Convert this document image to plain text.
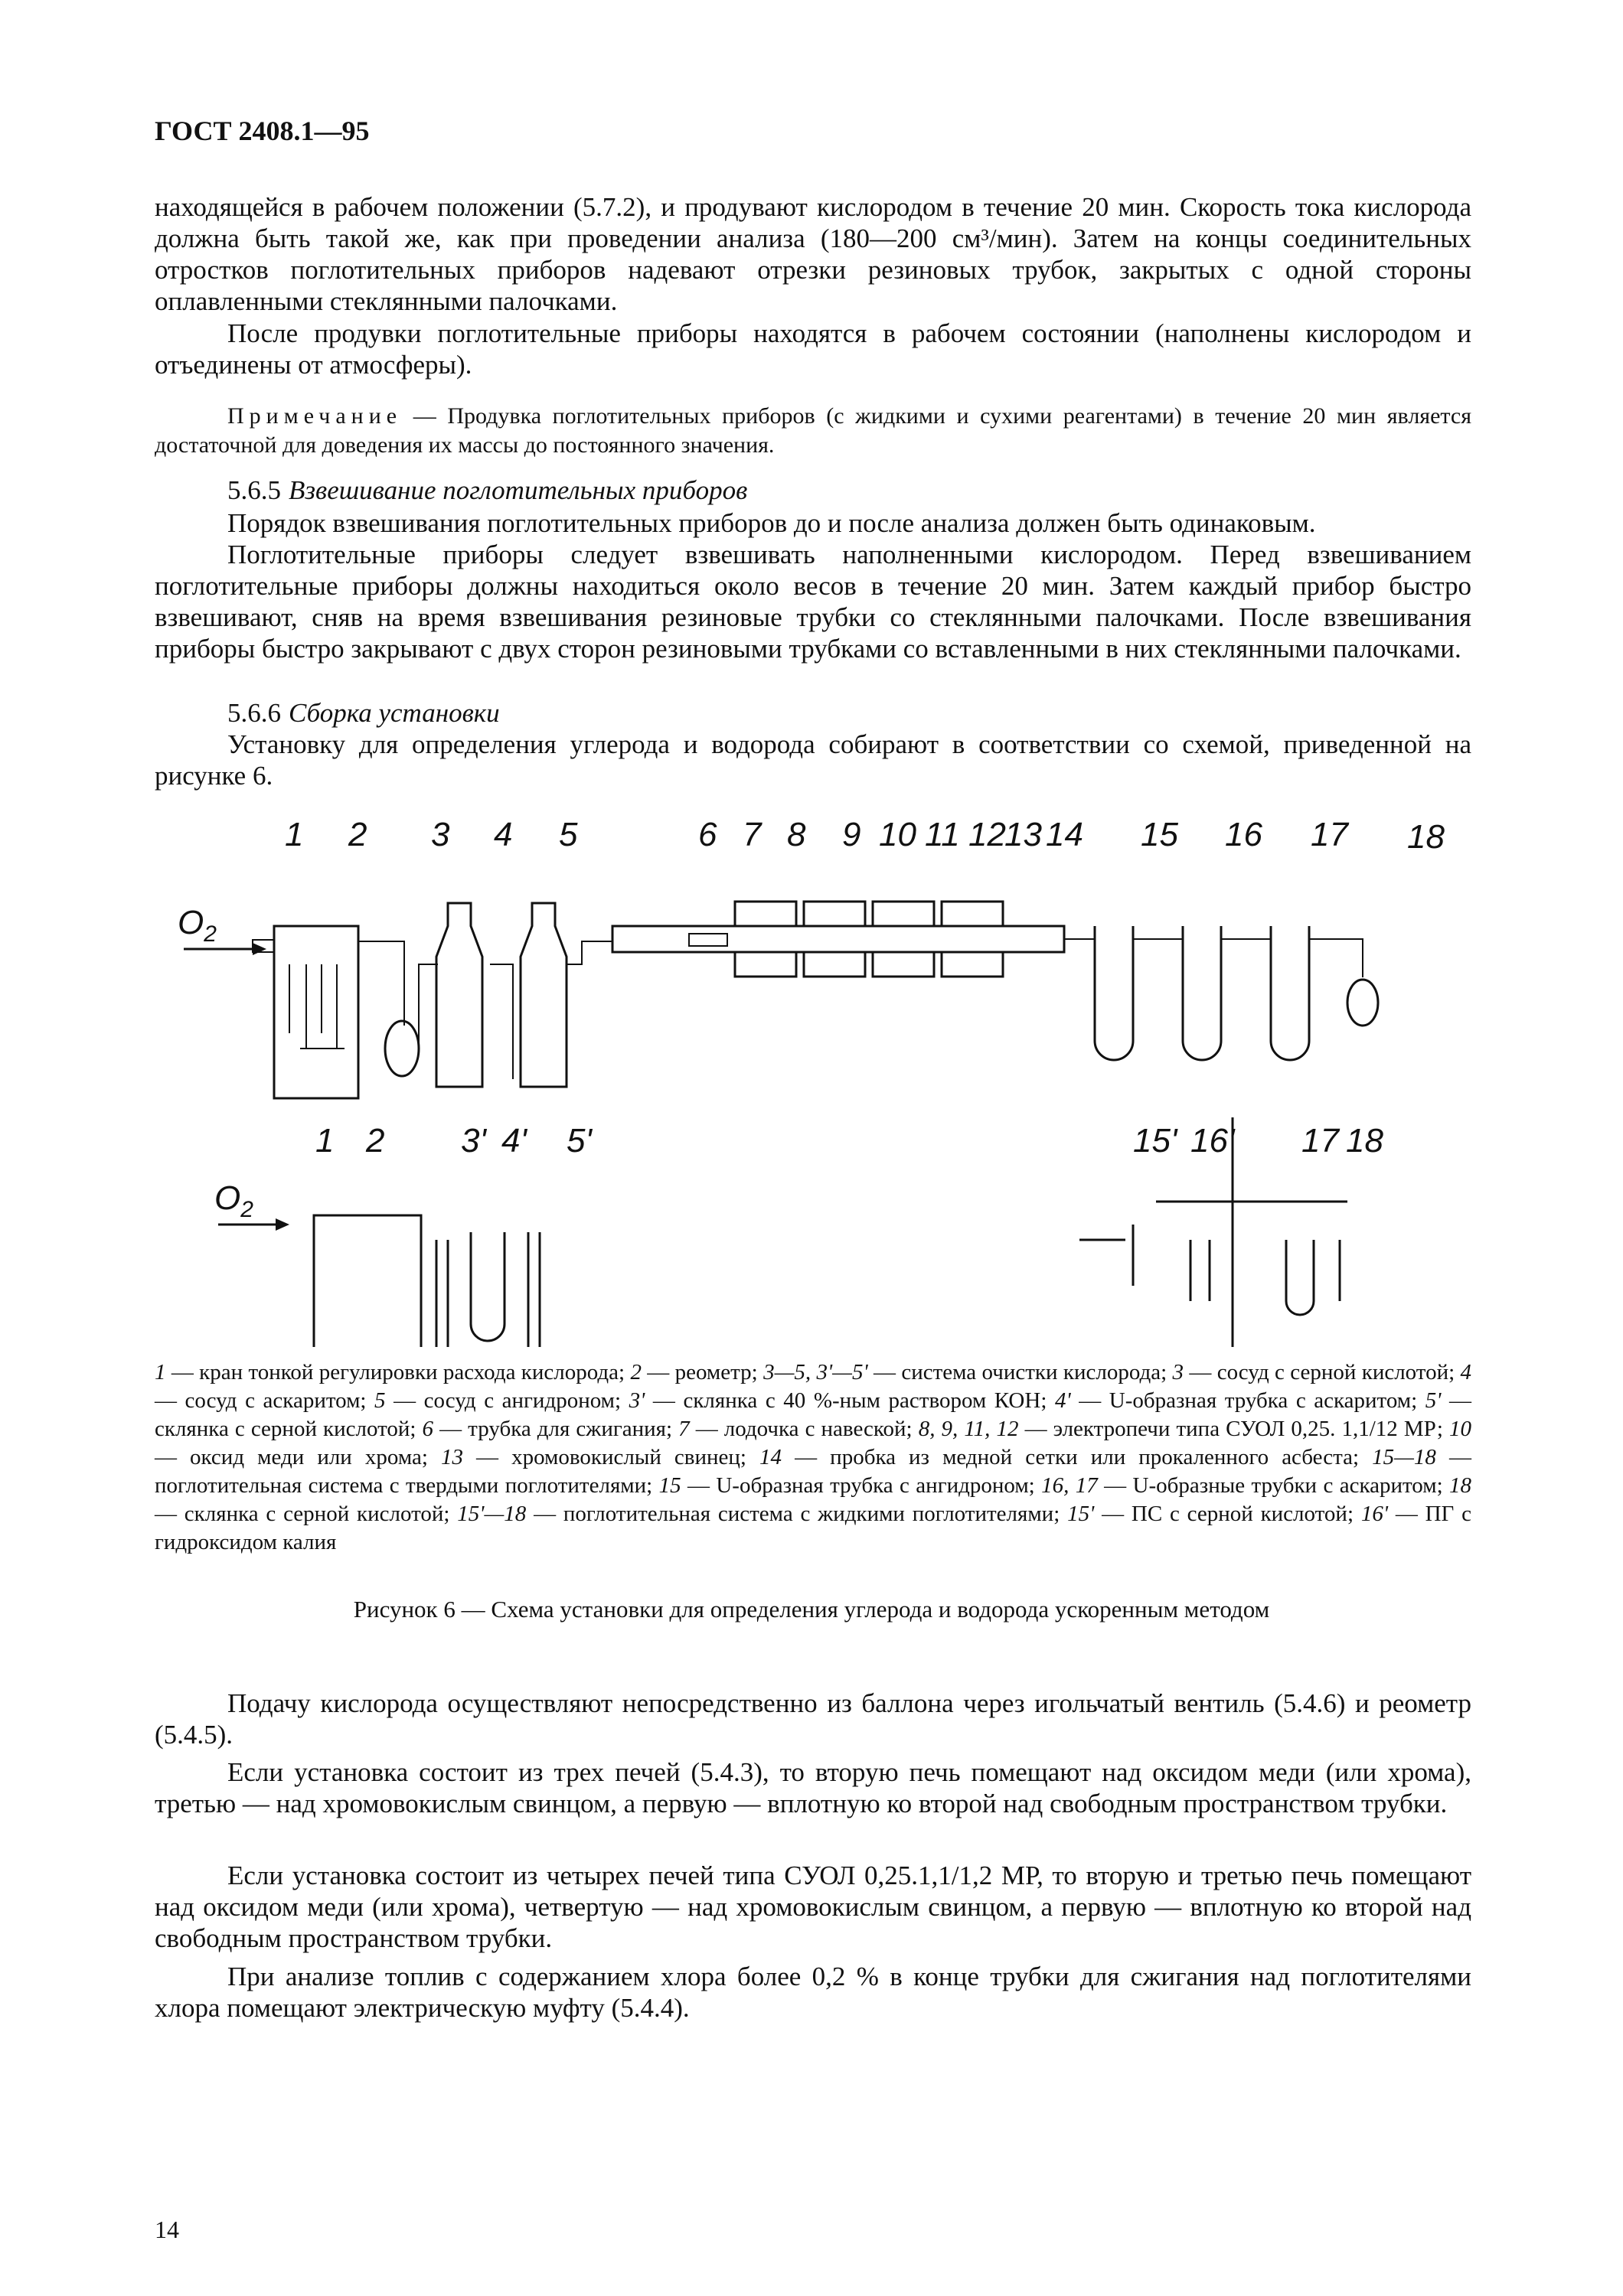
ГОСТ 2408.1—95
находящейся в рабочем положении (5.7.2), и продувают кислородом в течение 20 мин. Скорость тока кислорода должна быть такой же, как при проведении анализа (180—200 см³/мин). Затем на концы соединительных отростков поглотительных приборов надевают отрезки резиновых трубок, закрытых с одной стороны оплавленными стеклянными палочками.
После продувки поглотительные приборы находятся в рабочем состоянии (наполнены кислородом и отъединены от атмосферы).
Примечание — Продувка поглотительных приборов (с жидкими и сухими реагентами) в течение 20 мин является достаточной для доведения их массы до постоянного значения.
5.6.5 Взвешивание поглотительных приборов
Порядок взвешивания поглотительных приборов до и после анализа должен быть одинаковым.
Поглотительные приборы следует взвешивать наполненными кислородом. Перед взвешиванием поглотительные приборы должны находиться около весов в течение 20 мин. Затем каждый прибор быстро взвешивают, сняв на время взвешивания резиновые трубки со стеклянными палочками. После взвешивания приборы быстро закрывают с двух сторон резиновыми трубками со вставленными в них стеклянными палочками.
5.6.6 Сборка установки
Установку для определения углерода и водорода собирают в соответствии со схемой, приведенной на рисунке 6.
1 2 3 4 5	6 7 8 9 10 11 12
13 14 15 16 17 18
$O_2$
1 2 3' 4' 5'
$O_2$
15' 16' 17 18
1 — кран тонкой регулировки расхода кислорода; 2 — реометр; 3—5, 3'—5' — система очистки кислорода; 3 — сосуд с серной кислотой; 4 — сосуд с аскаритом; 5 — сосуд с ангидроном; 3' — склянка с 40 %-ным раствором КОН; 4' — U-образная трубка с аскаритом; 5' — склянка с серной кислотой; 6 — трубка для сжигания; 7 — лодочка с навеской; 8, 9, 11, 12 — электропечи типа СУОЛ 0,25. 1,1/12 МР; 10 — оксид меди или хрома; 13 — хромовокислый свинец; 14 — пробка из медной сетки или прокаленного асбеста; 15—18 — поглотительная система с твердыми поглотителями; 15 — U-образная трубка с ангидроном; 16, 17 — U-образные трубки с аскаритом; 18 — склянка с серной кислотой; 15'—18 — поглотительная система с жидкими поглотителями; 15' — ПС с серной кислотой; 16' — ПГ с гидроксидом калия
Рисунок 6 — Схема установки для определения углерода и водорода ускоренным методом
Подачу кислорода осуществляют непосредственно из баллона через игольчатый вентиль (5.4.6) и реометр (5.4.5).
Если установка состоит из трех печей (5.4.3), то вторую печь помещают над оксидом меди (или хрома), третью — над хромовокислым свинцом, а первую — вплотную ко второй над свободным пространством трубки.
Если установка состоит из четырех печей типа СУОЛ 0,25.1,1/1,2 МР, то вторую и третью печь помещают над оксидом меди (или хрома), четвертую — над хромовокислым свинцом, а первую — вплотную ко второй над свободным пространством трубки.
При анализе топлив с содержанием хлора более 0,2 % в конце трубки для сжигания над поглотителями хлора помещают электрическую муфту (5.4.4).
14
